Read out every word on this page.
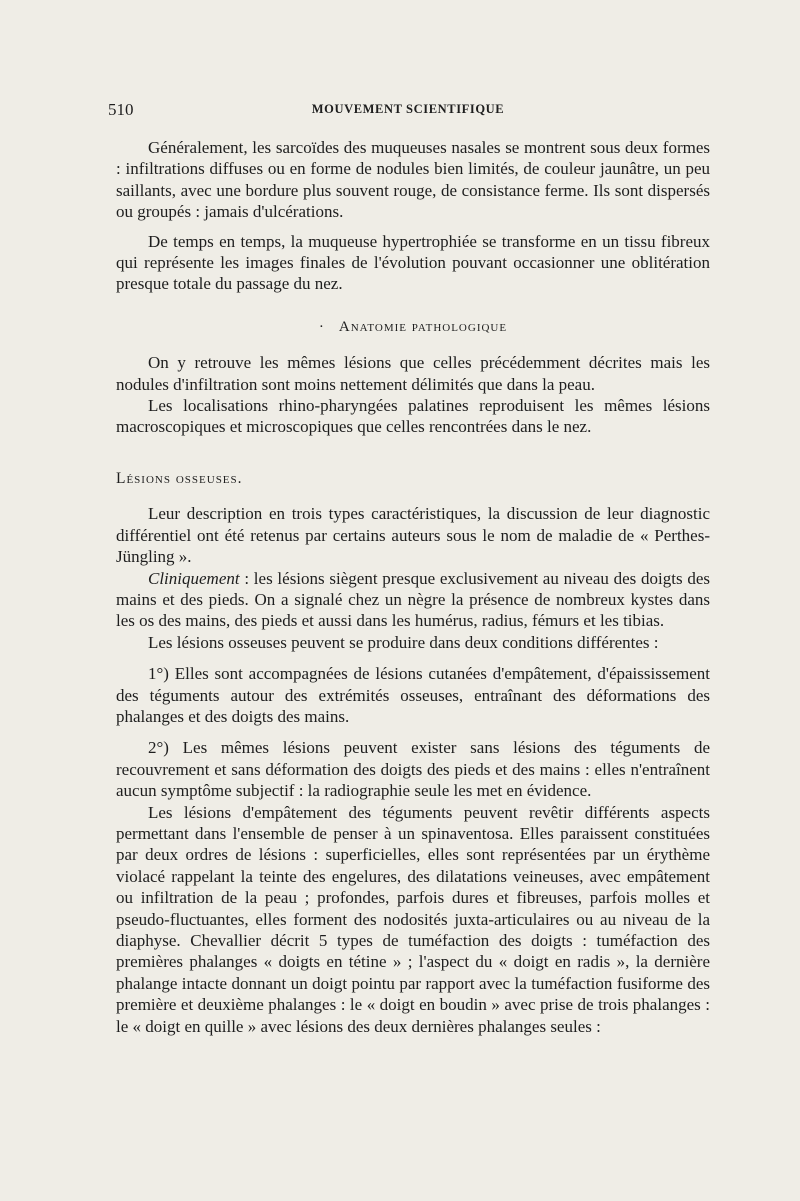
510	MOUVEMENT SCIENTIFIQUE

Généralement, les sarcoïdes des muqueuses nasales se montrent sous deux formes : infiltrations diffuses ou en forme de nodules bien limités, de couleur jaunâtre, un peu saillants, avec une bordure plus souvent rouge, de consistance ferme. Ils sont dispersés ou groupés : jamais d'ulcérations.

De temps en temps, la muqueuse hypertrophiée se transforme en un tissu fibreux qui représente les images finales de l'évolution pouvant occasionner une oblitération presque totale du passage du nez.

· Anatomie pathologique

On y retrouve les mêmes lésions que celles précédemment décrites mais les nodules d'infiltration sont moins nettement délimités que dans la peau.

Les localisations rhino-pharyngées palatines reproduisent les mêmes lésions macroscopiques et microscopiques que celles rencontrées dans le nez.

Lésions osseuses.

Leur description en trois types caractéristiques, la discussion de leur diagnostic différentiel ont été retenus par certains auteurs sous le nom de maladie de « Perthes-Jüngling ».

Cliniquement : les lésions siègent presque exclusivement au niveau des doigts des mains et des pieds. On a signalé chez un nègre la présence de nombreux kystes dans les os des mains, des pieds et aussi dans les humérus, radius, fémurs et les tibias.

Les lésions osseuses peuvent se produire dans deux conditions différentes :

1°) Elles sont accompagnées de lésions cutanées d'empâtement, d'épaississement des téguments autour des extrémités osseuses, entraînant des déformations des phalanges et des doigts des mains.

2°) Les mêmes lésions peuvent exister sans lésions des téguments de recouvrement et sans déformation des doigts des pieds et des mains : elles n'entraînent aucun symptôme subjectif : la radiographie seule les met en évidence.

Les lésions d'empâtement des téguments peuvent revêtir différents aspects permettant dans l'ensemble de penser à un spinaventosa. Elles paraissent constituées par deux ordres de lésions : superficielles, elles sont représentées par un érythème violacé rappelant la teinte des engelures, des dilatations veineuses, avec empâtement ou infiltration de la peau ; profondes, parfois dures et fibreuses, parfois molles et pseudo-fluctuantes, elles forment des nodosités juxta-articulaires ou au niveau de la diaphyse. Chevallier décrit 5 types de tuméfaction des doigts : tuméfaction des premières phalanges « doigts en tétine » ; l'aspect du « doigt en radis », la dernière phalange intacte donnant un doigt pointu par rapport avec la tuméfaction fusiforme des première et deuxième phalanges : le « doigt en boudin » avec prise de trois phalanges : le « doigt en quille » avec lésions des deux dernières phalanges seules :
